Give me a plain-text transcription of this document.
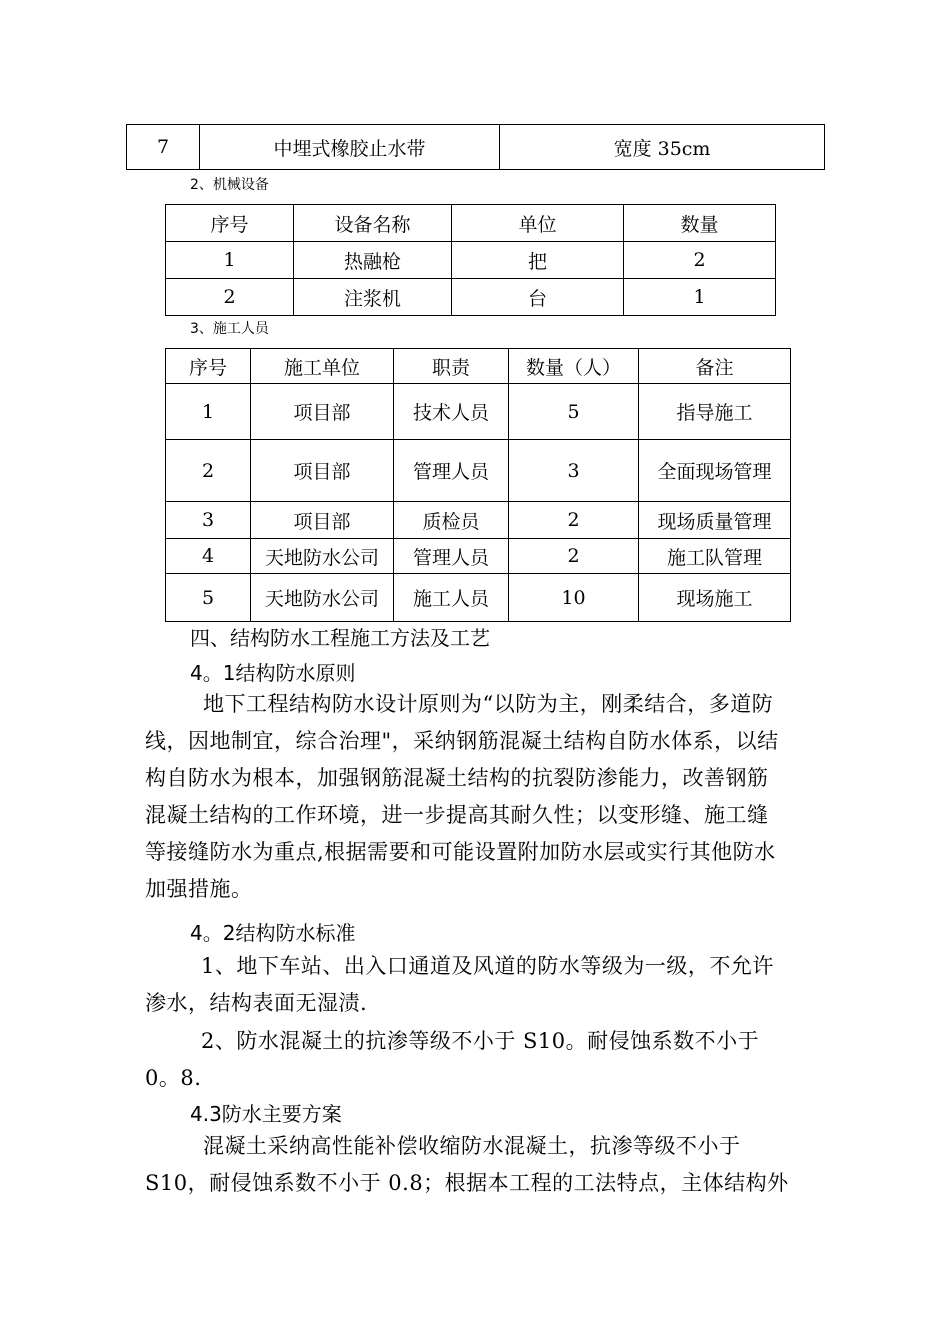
7	中埋式橡胶止水带	宽度 35cm
2、机械设备
序号	设备名称	单位	数量
1	热融枪	把	2
2	注浆机	台	1
3、施工人员
序号	施工单位	职责	数量（人）	备注
1	项目部	技术人员	5	指导施工
2	项目部	管理人员	3	全面现场管理
3	项目部	质检员	2	现场质量管理
4	天地防水公司	管理人员	2	施工队管理
5	天地防水公司	施工人员	10	现场施工
四、结构防水工程施工方法及工艺
4。1结构防水原则
地下工程结构防水设计原则为“以防为主，刚柔结合，多道防
线，因地制宜，综合治理"，采纳钢筋混凝土结构自防水体系，以结
构自防水为根本，加强钢筋混凝土结构的抗裂防渗能力，改善钢筋
混凝土结构的工作环境，进一步提高其耐久性；以变形缝、施工缝
等接缝防水为重点,根据需要和可能设置附加防水层或实行其他防水
加强措施。
4。2结构防水标准
1、地下车站、出入口通道及风道的防水等级为一级，不允许
渗水，结构表面无湿渍.
2、防水混凝土的抗渗等级不小于 S10。耐侵蚀系数不小于
0。8.
4.3防水主要方案
混凝土采纳高性能补偿收缩防水混凝土，抗渗等级不小于
S10，耐侵蚀系数不小于 0.8；根据本工程的工法特点，主体结构外
